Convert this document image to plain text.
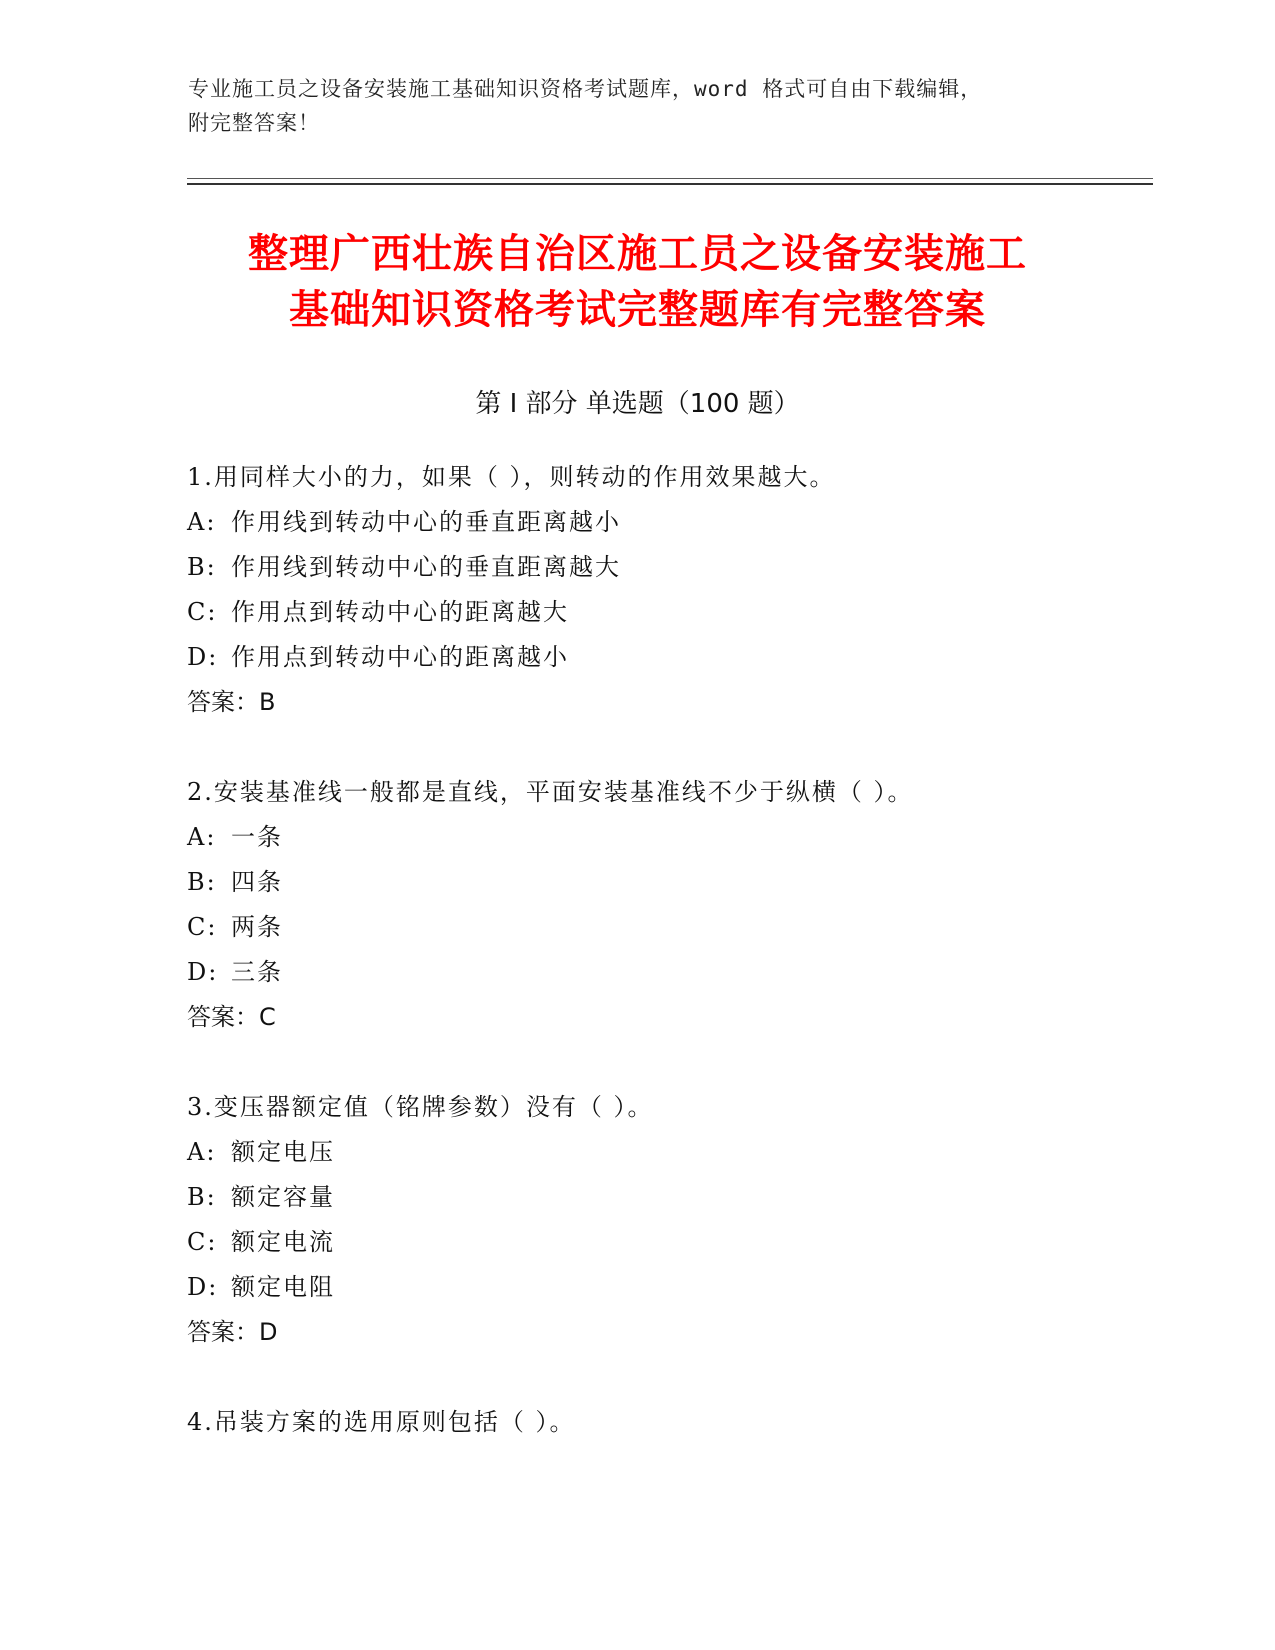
专业施工员之设备安装施工基础知识资格考试题库，word 格式可自由下载编辑，
附完整答案！
整理广西壮族自治区施工员之设备安装施工
基础知识资格考试完整题库有完整答案
第 I 部分 单选题（100 题）
1.用同样大小的力，如果（ ），则转动的作用效果越大。
A: 作用线到转动中心的垂直距离越小
B: 作用线到转动中心的垂直距离越大
C: 作用点到转动中心的距离越大
D: 作用点到转动中心的距离越小
答案：B
2.安装基准线一般都是直线，平面安装基准线不少于纵横（ ）。
A: 一条
B: 四条
C: 两条
D: 三条
答案：C
3.变压器额定值（铭牌参数）没有（ ）。
A: 额定电压
B: 额定容量
C: 额定电流
D: 额定电阻
答案：D
4.吊装方案的选用原则包括（ ）。
